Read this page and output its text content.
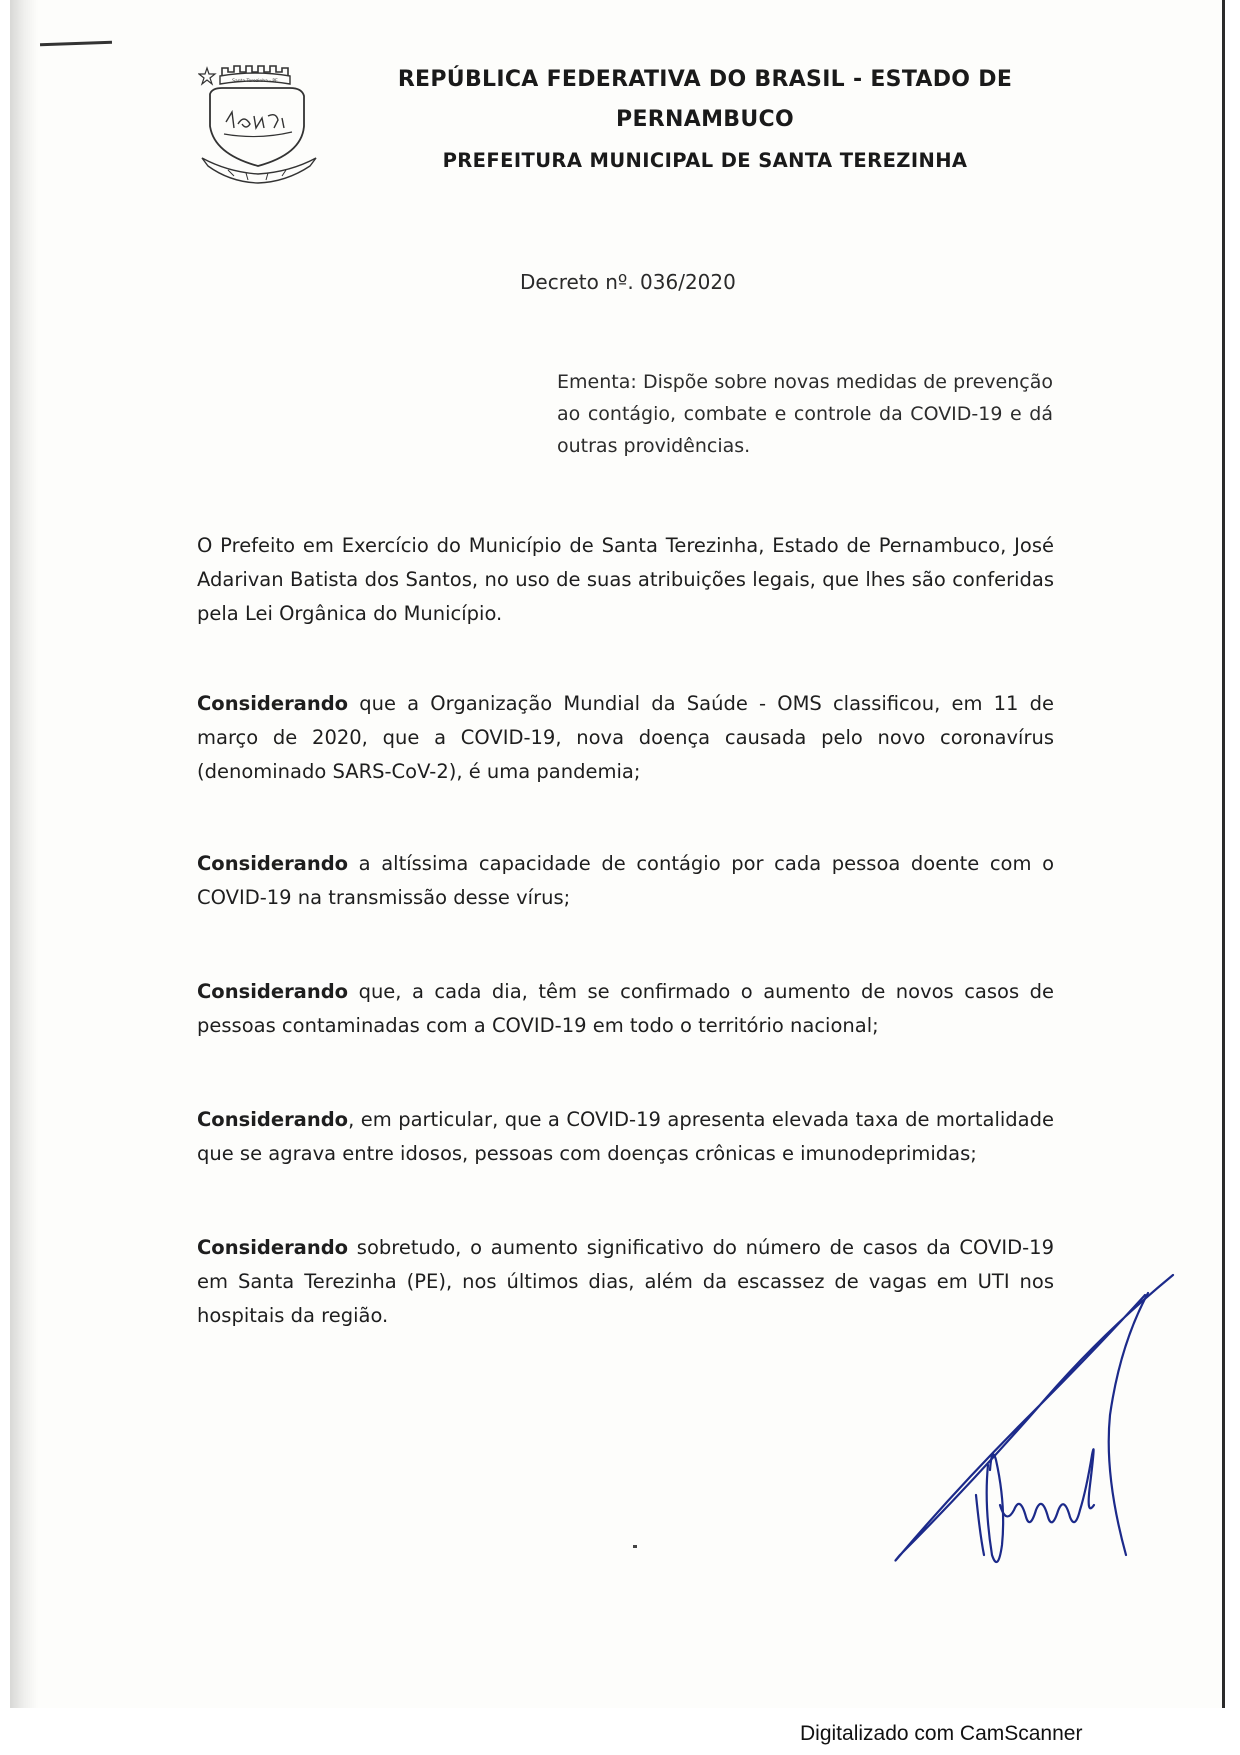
Santa Terezinha - PE	REPÚBLICA FEDERATIVA DO BRASIL - ESTADO DE
PERNAMBUCO
PREFEITURA MUNICIPAL DE SANTA TEREZINHA
Decreto nº. 036/2020
Ementa: Dispõe sobre novas medidas de prevenção ao contágio, combate e controle da COVID-19 e dá outras providências.
O Prefeito em Exercício do Município de Santa Terezinha, Estado de Pernambuco, José Adarivan Batista dos Santos, no uso de suas atribuições legais, que lhes são conferidas pela Lei Orgânica do Município.
Considerando que a Organização Mundial da Saúde - OMS classificou, em 11 de março de 2020, que a COVID-19, nova doença causada pelo novo coronavírus (denominado SARS-CoV-2), é uma pandemia;
Considerando a altíssima capacidade de contágio por cada pessoa doente com o COVID-19 na transmissão desse vírus;
Considerando que, a cada dia, têm se confirmado o aumento de novos casos de pessoas contaminadas com a COVID-19 em todo o território nacional;
Considerando, em particular, que a COVID-19 apresenta elevada taxa de mortalidade que se agrava entre idosos, pessoas com doenças crônicas e imunodeprimidas;
Considerando sobretudo, o aumento significativo do número de casos da COVID-19 em Santa Terezinha (PE), nos últimos dias, além da escassez de vagas em UTI nos hospitais da região.
Digitalizado com CamScanner
